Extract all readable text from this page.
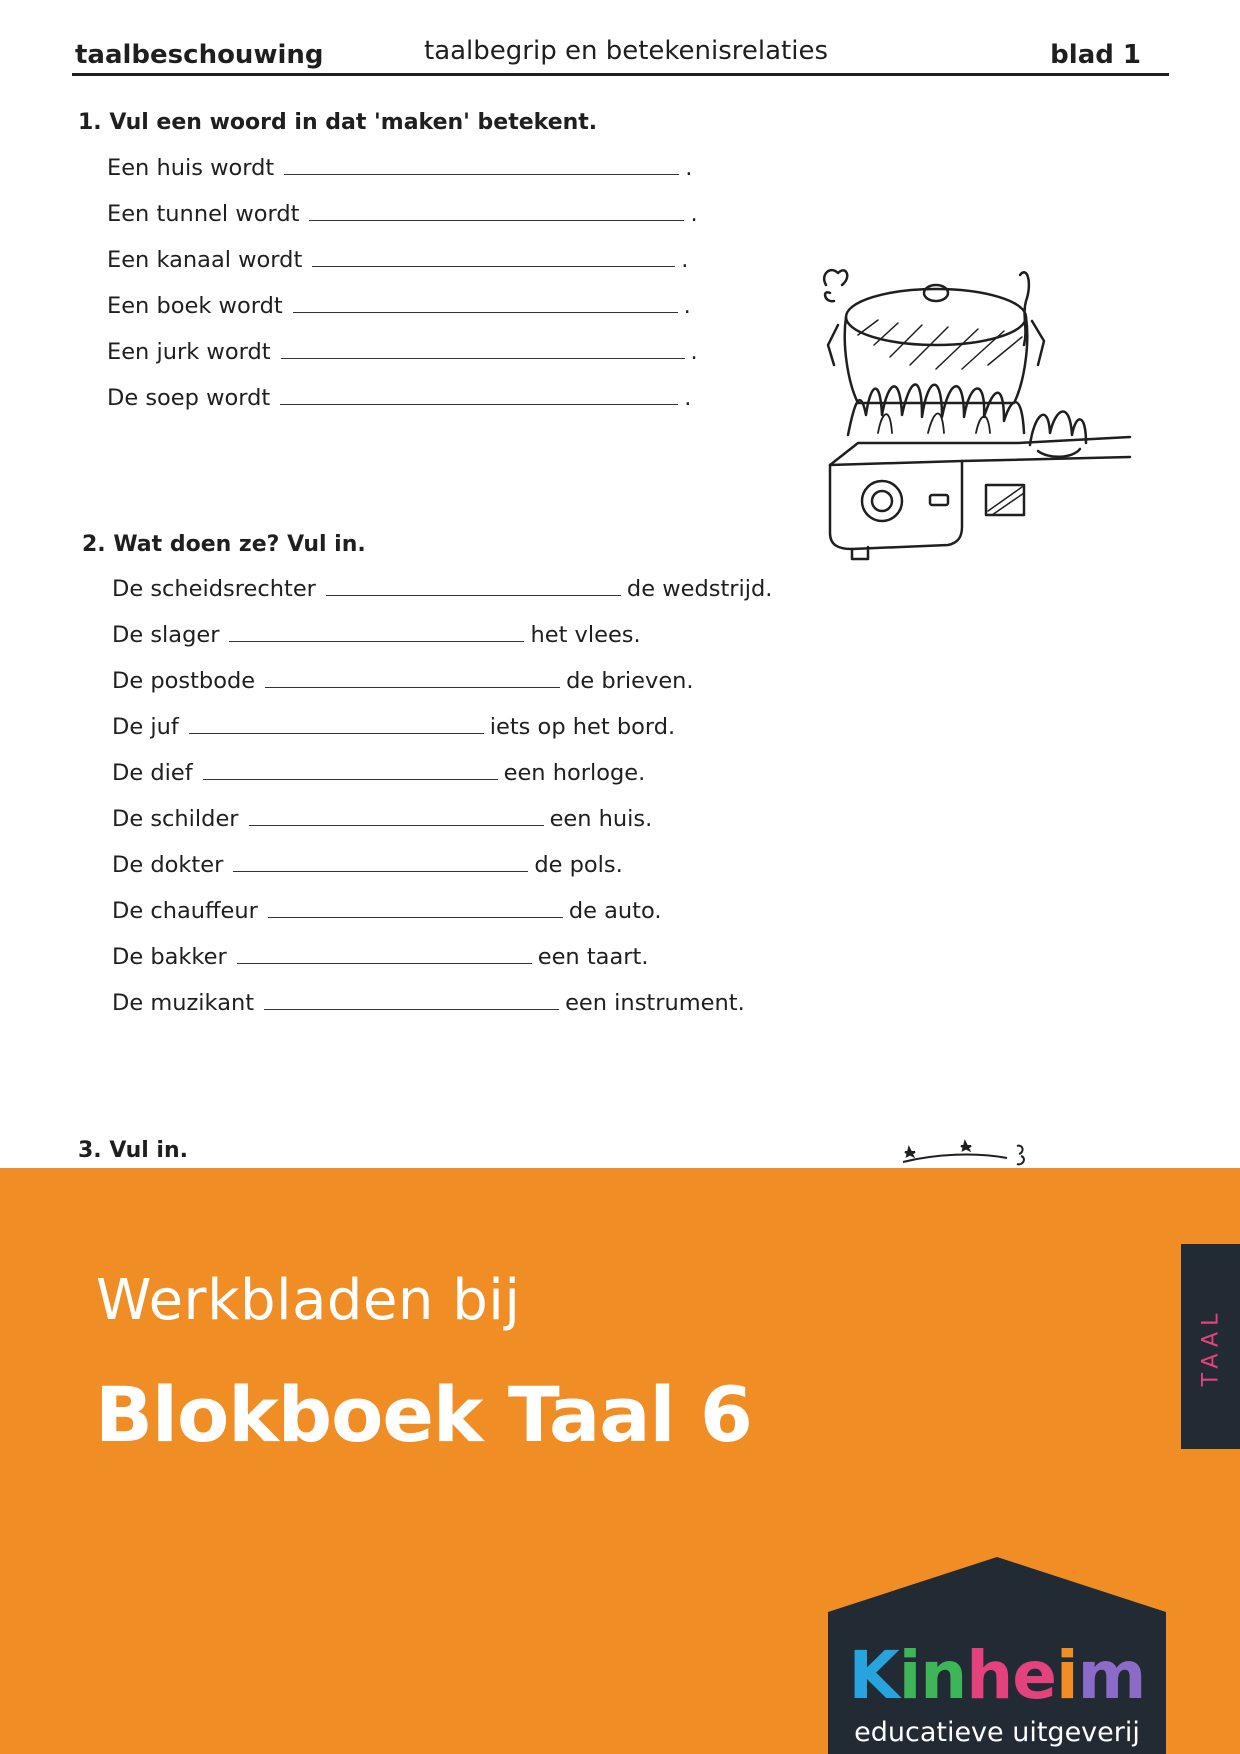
taalbeschouwing	taalbegrip en betekenisrelaties	blad 1

1. Vul een woord in dat 'maken' betekent.

Een huis wordt	.
Een tunnel wordt	.
Een kanaal wordt	.
Een boek wordt	.
Een jurk wordt	.
De soep wordt	.

2. Wat doen ze? Vul in.

De scheidsrechter	de wedstrijd.
De slager	het vlees.
De postbode	de brieven.
De juf	iets op het bord.
De dief	een horloge.
De schilder	een huis.
De dokter	de pols.
De chauffeur	de auto.
De bakker	een taart.
De muzikant	een instrument.

3. Vul in.

Werkbladen bij
Blokboek Taal 6
TAAL
Kinheim
educatieve uitgeverij
